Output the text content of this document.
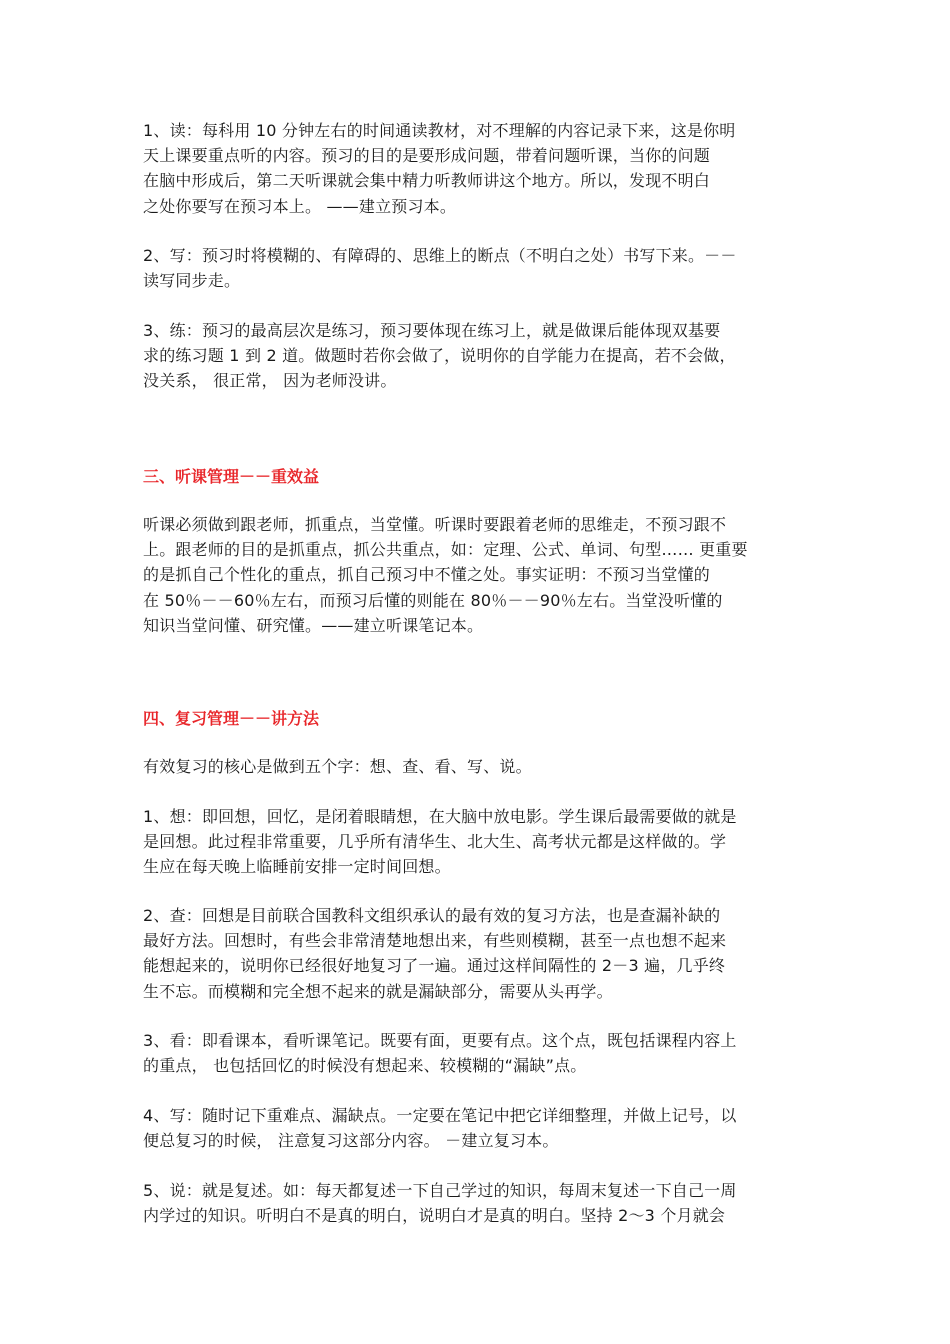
1、读：每科用 10 分钟左右的时间通读教材，对不理解的内容记录下来，这是你明
天上课要重点听的内容。预习的目的是要形成问题，带着问题听课，当你的问题
在脑中形成后，第二天听课就会集中精力听教师讲这个地方。所以，发现不明白
之处你要写在预习本上。 ——建立预习本。

2、写：预习时将模糊的、有障碍的、思维上的断点（不明白之处）书写下来。－－
读写同步走。

3、练：预习的最高层次是练习，预习要体现在练习上，就是做课后能体现双基要
求的练习题 1 到 2 道。做题时若你会做了，说明你的自学能力在提高，若不会做，
没关系， 很正常， 因为老师没讲。

三、听课管理－－重效益

听课必须做到跟老师，抓重点，当堂懂。听课时要跟着老师的思维走，不预习跟不
上。跟老师的目的是抓重点，抓公共重点，如：定理、公式、单词、句型…… 更重要
的是抓自己个性化的重点，抓自己预习中不懂之处。事实证明：不预习当堂懂的
在 50％－－60％左右，而预习后懂的则能在 80％－－90％左右。当堂没听懂的
知识当堂问懂、研究懂。——建立听课笔记本。

四、复习管理－－讲方法

有效复习的核心是做到五个字：想、查、看、写、说。

1、想：即回想，回忆，是闭着眼睛想，在大脑中放电影。学生课后最需要做的就是
是回想。此过程非常重要，几乎所有清华生、北大生、高考状元都是这样做的。学
生应在每天晚上临睡前安排一定时间回想。

2、查：回想是目前联合国教科文组织承认的最有效的复习方法，也是查漏补缺的
最好方法。回想时，有些会非常清楚地想出来，有些则模糊，甚至一点也想不起来
能想起来的，说明你已经很好地复习了一遍。通过这样间隔性的 2－3 遍，几乎终
生不忘。而模糊和完全想不起来的就是漏缺部分，需要从头再学。

3、看：即看课本，看听课笔记。既要有面，更要有点。这个点，既包括课程内容上
的重点， 也包括回忆的时候没有想起来、较模糊的“漏缺”点。

4、写：随时记下重难点、漏缺点。一定要在笔记中把它详细整理，并做上记号，以
便总复习的时候， 注意复习这部分内容。 －建立复习本。

5、说：就是复述。如：每天都复述一下自己学过的知识，每周末复述一下自己一周
内学过的知识。听明白不是真的明白，说明白才是真的明白。坚持 2～3 个月就会
